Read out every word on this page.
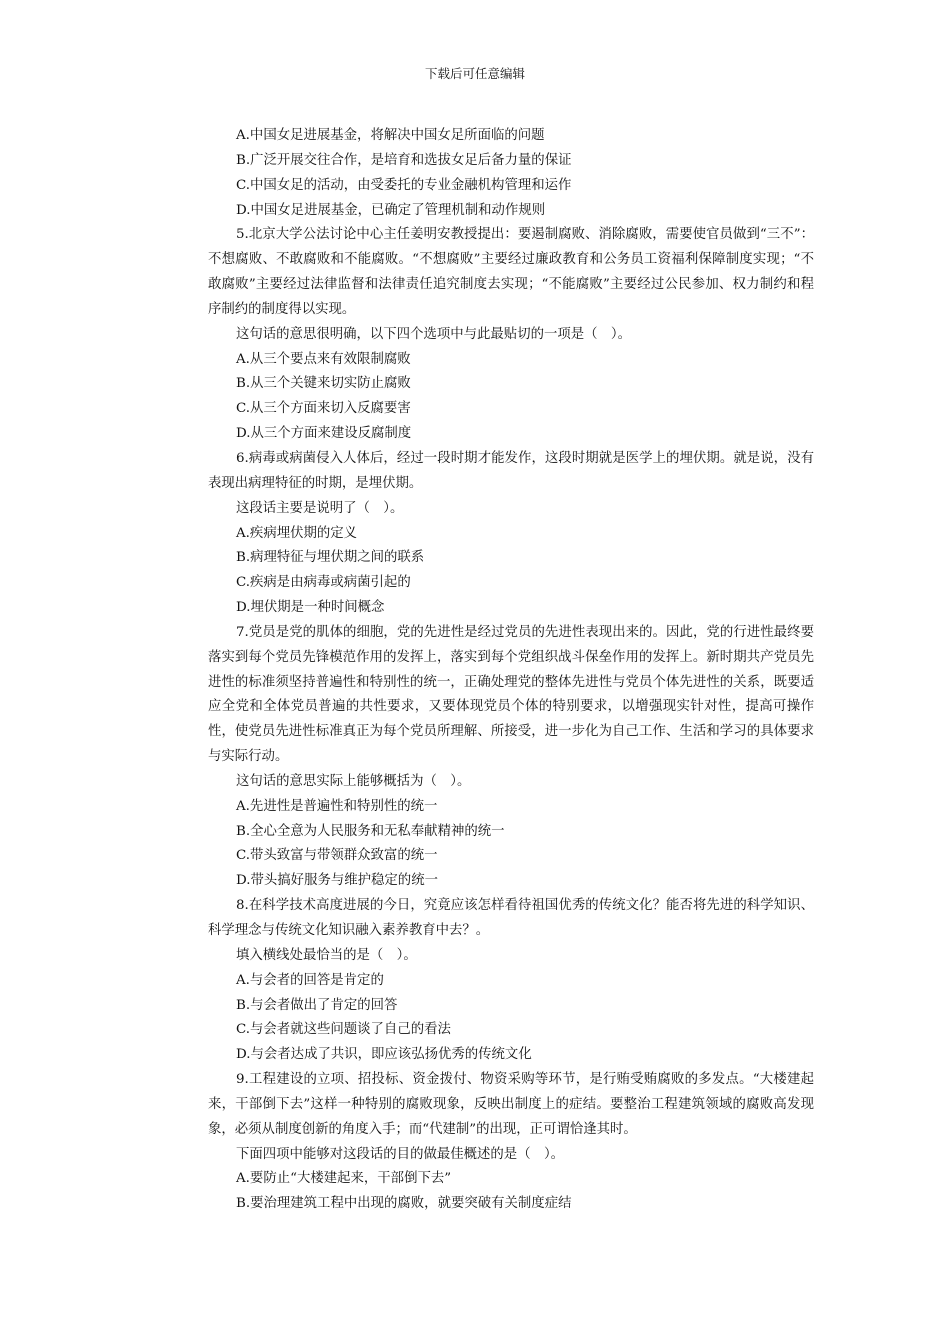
下载后可任意编辑

A.中国女足进展基金，将解决中国女足所面临的问题

B.广泛开展交往合作，是培育和选拔女足后备力量的保证

C.中国女足的活动，由受委托的专业金融机构管理和运作

D.中国女足进展基金，已确定了管理机制和动作规则

5.北京大学公法讨论中心主任姜明安教授提出：要遏制腐败、消除腐败，需要使官员做到“三不”：不想腐败、不敢腐败和不能腐败。“不想腐败”主要经过廉政教育和公务员工资福利保障制度实现；“不敢腐败”主要经过法律监督和法律责任追究制度去实现；“不能腐败”主要经过公民参加、权力制约和程序制约的制度得以实现。

这句话的意思很明确，以下四个选项中与此最贴切的一项是（　）。

A.从三个要点来有效限制腐败

B.从三个关键来切实防止腐败

C.从三个方面来切入反腐要害

D.从三个方面来建设反腐制度

6.病毒或病菌侵入人体后，经过一段时期才能发作，这段时期就是医学上的埋伏期。就是说，没有表现出病理特征的时期，是埋伏期。

这段话主要是说明了（　）。

A.疾病埋伏期的定义

B.病理特征与埋伏期之间的联系

C.疾病是由病毒或病菌引起的

D.埋伏期是一种时间概念

7.党员是党的肌体的细胞，党的先进性是经过党员的先进性表现出来的。因此，党的行进性最终要落实到每个党员先锋模范作用的发挥上，落实到每个党组织战斗保垒作用的发挥上。新时期共产党员先进性的标准须坚持普遍性和特别性的统一，正确处理党的整体先进性与党员个体先进性的关系，既要适应全党和全体党员普遍的共性要求，又要体现党员个体的特别要求，以增强现实针对性，提高可操作性，使党员先进性标准真正为每个党员所理解、所接受，进一步化为自己工作、生活和学习的具体要求与实际行动。

这句话的意思实际上能够概括为（　）。

A.先进性是普遍性和特别性的统一

B.全心全意为人民服务和无私奉献精神的统一

C.带头致富与带领群众致富的统一

D.带头搞好服务与维护稳定的统一

8.在科学技术高度进展的今日，究竟应该怎样看待祖国优秀的传统文化？能否将先进的科学知识、科学理念与传统文化知识融入素养教育中去？。

填入横线处最恰当的是（　）。

A.与会者的回答是肯定的

B.与会者做出了肯定的回答

C.与会者就这些问题谈了自己的看法

D.与会者达成了共识，即应该弘扬优秀的传统文化

9.工程建设的立项、招投标、资金拨付、物资采购等环节，是行贿受贿腐败的多发点。“大楼建起来，干部倒下去”这样一种特别的腐败现象，反映出制度上的症结。要整治工程建筑领域的腐败高发现象，必须从制度创新的角度入手；而“代建制”的出现，正可谓恰逢其时。

下面四项中能够对这段话的目的做最佳概述的是（　）。

A.要防止“大楼建起来，干部倒下去”

B.要治理建筑工程中出现的腐败，就要突破有关制度症结
